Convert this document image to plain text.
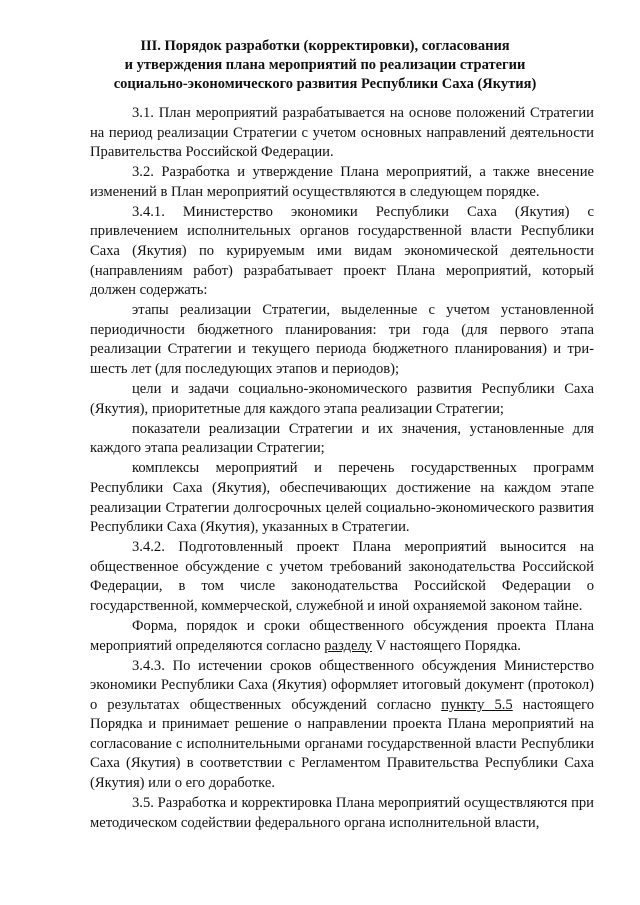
III. Порядок разработки (корректировки), согласования
и утверждения плана мероприятий по реализации стратегии
социально-экономического развития Республики Саха (Якутия)

3.1. План мероприятий разрабатывается на основе положений Стратегии на период реализации Стратегии с учетом основных направлений деятельности Правительства Российской Федерации.

3.2. Разработка и утверждение Плана мероприятий, а также внесение изменений в План мероприятий осуществляются в следующем порядке.

3.4.1. Министерство экономики Республики Саха (Якутия) с привлечением исполнительных органов государственной власти Республики Саха (Якутия) по курируемым ими видам экономической деятельности (направлениям работ) разрабатывает проект Плана мероприятий, который должен содержать:

этапы реализации Стратегии, выделенные с учетом установленной периодичности бюджетного планирования: три года (для первого этапа реализации Стратегии и текущего периода бюджетного планирования) и три-шесть лет (для последующих этапов и периодов);

цели и задачи социально-экономического развития Республики Саха (Якутия), приоритетные для каждого этапа реализации Стратегии;

показатели реализации Стратегии и их значения, установленные для каждого этапа реализации Стратегии;

комплексы мероприятий и перечень государственных программ Республики Саха (Якутия), обеспечивающих достижение на каждом этапе реализации Стратегии долгосрочных целей социально-экономического развития Республики Саха (Якутия), указанных в Стратегии.

3.4.2. Подготовленный проект Плана мероприятий выносится на общественное обсуждение с учетом требований законодательства Российской Федерации, в том числе законодательства Российской Федерации о государственной, коммерческой, служебной и иной охраняемой законом тайне.

Форма, порядок и сроки общественного обсуждения проекта Плана мероприятий определяются согласно разделу V настоящего Порядка.

3.4.3. По истечении сроков общественного обсуждения Министерство экономики Республики Саха (Якутия) оформляет итоговый документ (протокол) о результатах общественных обсуждений согласно пункту 5.5 настоящего Порядка и принимает решение о направлении проекта Плана мероприятий на согласование с исполнительными органами государственной власти Республики Саха (Якутия) в соответствии с Регламентом Правительства Республики Саха (Якутия) или о его доработке.

3.5. Разработка и корректировка Плана мероприятий осуществляются при методическом содействии федерального органа исполнительной власти,
